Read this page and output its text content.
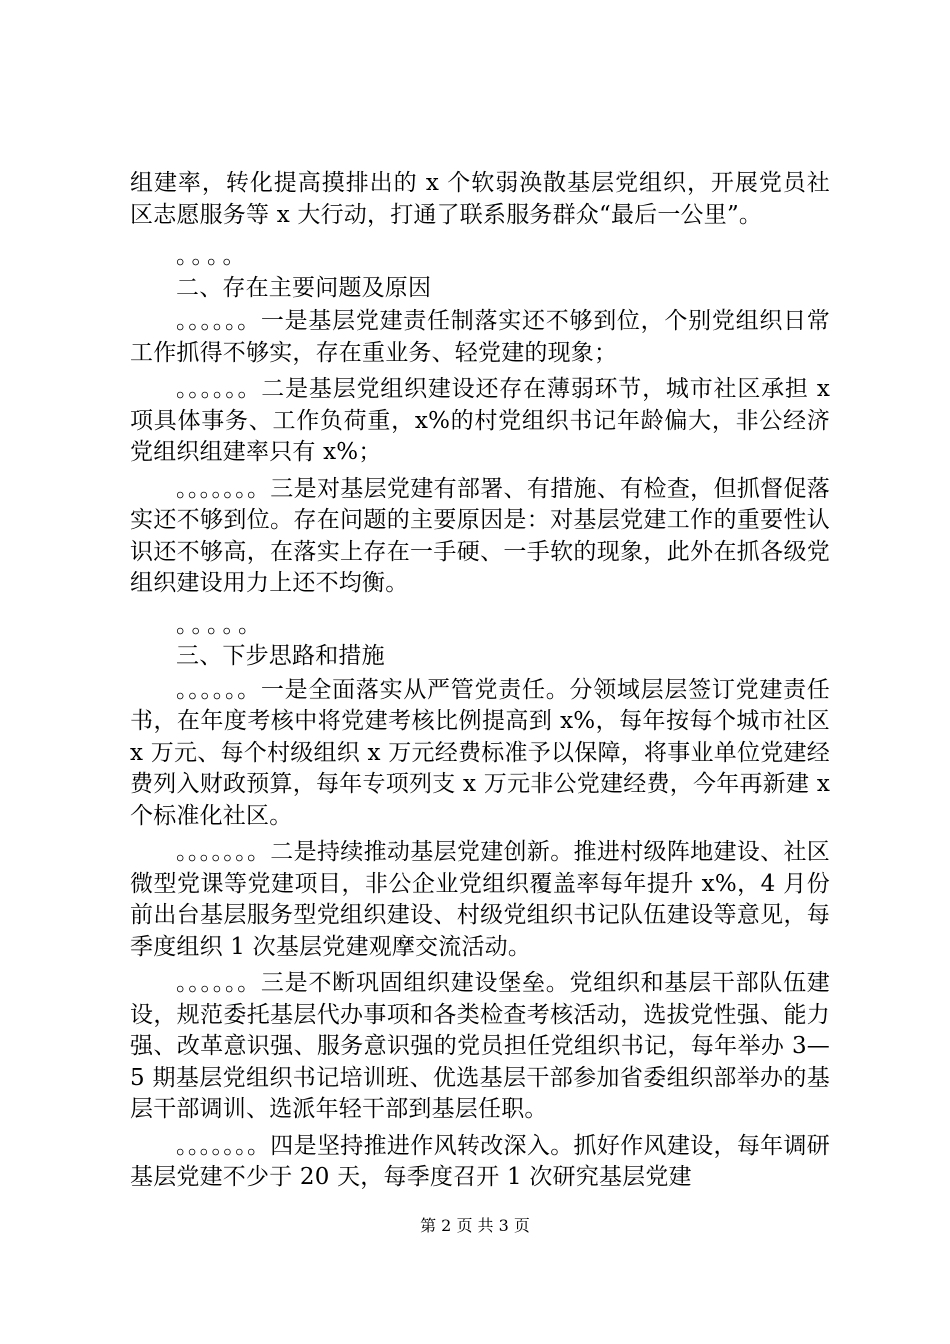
组建率，转化提高摸排出的 x 个软弱涣散基层党组织，开展党员社区志愿服务等 x 大行动，打通了联系服务群众“最后一公里”。

。。。。

二、存在主要问题及原因

。。。。。。一是基层党建责任制落实还不够到位，个别党组织日常工作抓得不够实，存在重业务、轻党建的现象；

。。。。。。二是基层党组织建设还存在薄弱环节，城市社区承担 x 项具体事务、工作负荷重，x%的村党组织书记年龄偏大，非公经济党组织组建率只有 x%；

。。。。。。。三是对基层党建有部署、有措施、有检查，但抓督促落实还不够到位。存在问题的主要原因是：对基层党建工作的重要性认识还不够高，在落实上存在一手硬、一手软的现象，此外在抓各级党组织建设用力上还不均衡。

。。。。。

三、下步思路和措施

。。。。。。一是全面落实从严管党责任。分领域层层签订党建责任书，在年度考核中将党建考核比例提高到 x%，每年按每个城市社区 x 万元、每个村级组织 x 万元经费标准予以保障，将事业单位党建经费列入财政预算，每年专项列支 x 万元非公党建经费，今年再新建 x 个标准化社区。

。。。。。。。二是持续推动基层党建创新。推进村级阵地建设、社区微型党课等党建项目，非公企业党组织覆盖率每年提升 x%，4 月份前出台基层服务型党组织建设、村级党组织书记队伍建设等意见，每季度组织 1 次基层党建观摩交流活动。

。。。。。。三是不断巩固组织建设堡垒。党组织和基层干部队伍建设，规范委托基层代办事项和各类检查考核活动，选拔党性强、能力强、改革意识强、服务意识强的党员担任党组织书记，每年举办 3—5 期基层党组织书记培训班、优选基层干部参加省委组织部举办的基层干部调训、选派年轻干部到基层任职。

。。。。。。。四是坚持推进作风转改深入。抓好作风建设，每年调研基层党建不少于 20 天，每季度召开 1 次研究基层党建

第 2 页 共 3 页
